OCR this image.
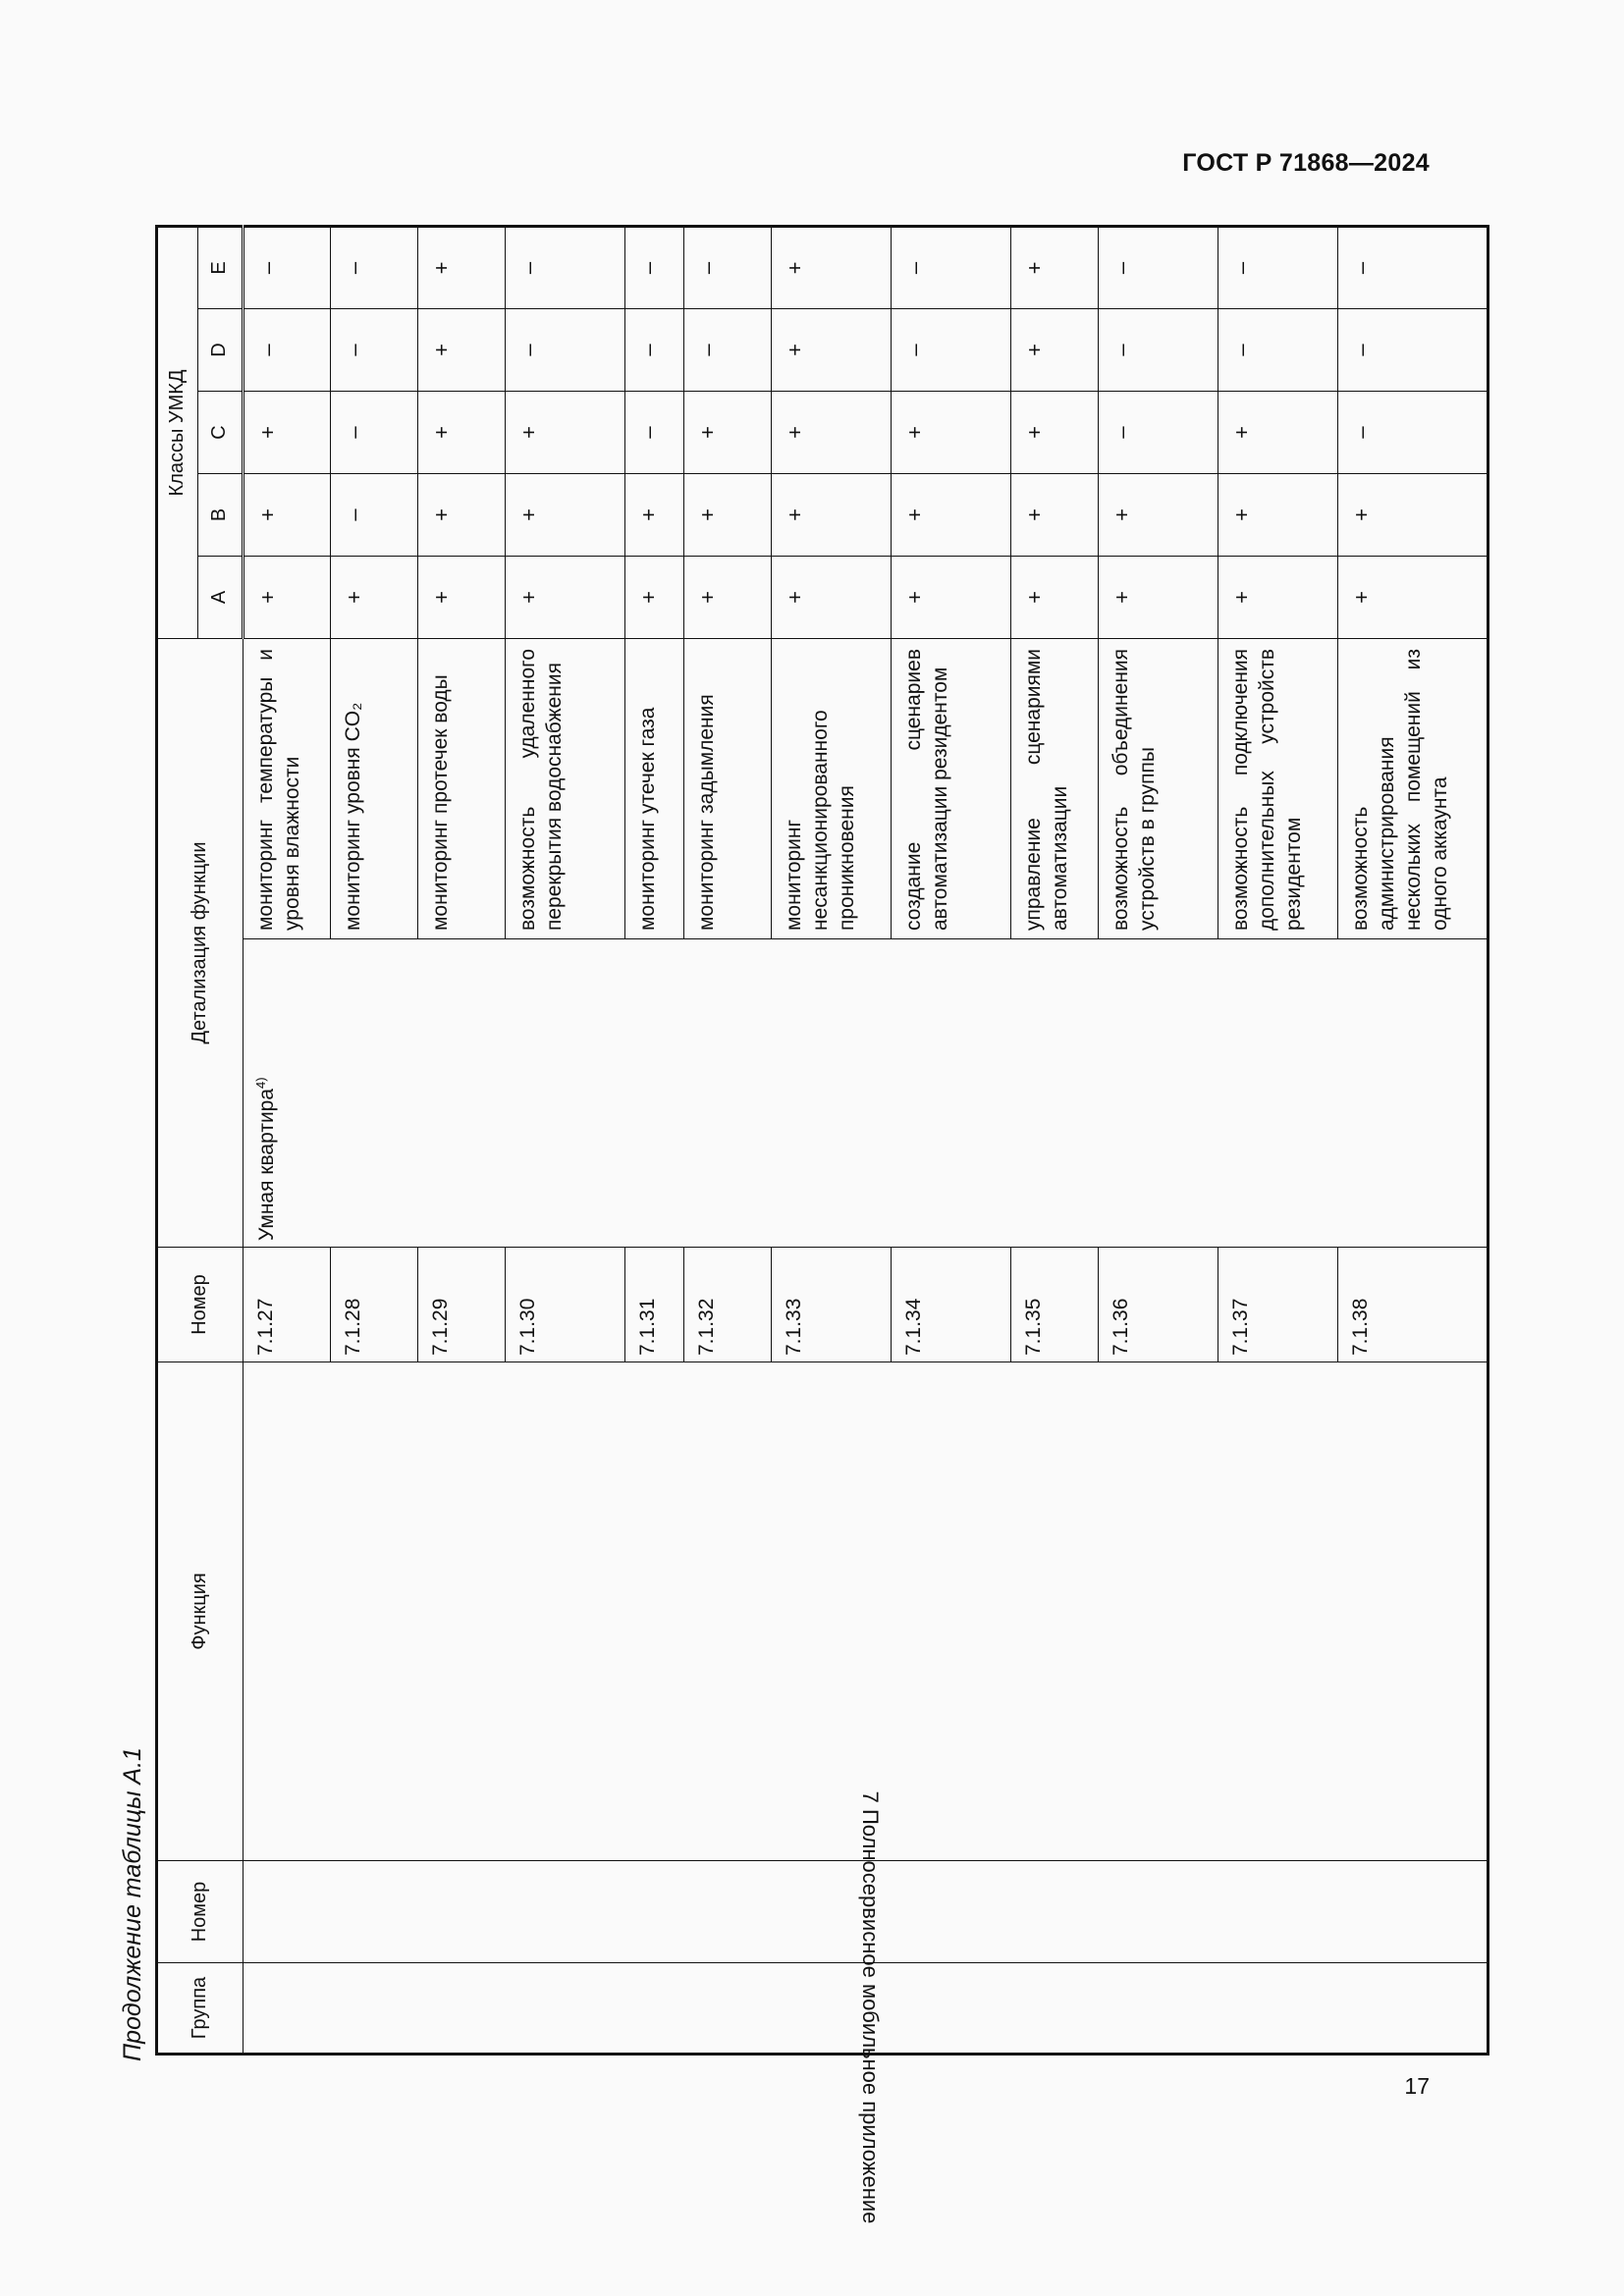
ГОСТ Р 71868—2024
Продолжение таблицы А.1 Группа	Номер	Функция	Номер	Детализация функции		Классы УМКД				
						A	B	C	D	E

7 Полносервисное мобильное приложение			7.1.27	Умная квартира$^{4)}$	мониторинг температуры и уровня влажности	+	+	+	–	–
			7.1.28		мониторинг уровня CO₂	+	–	–	–	–
			7.1.29		мониторинг протечек воды	+	+	+	+	+
			7.1.30		возможность удаленного перекрытия водоснабжения	+	+	+	–	–
			7.1.31		мониторинг утечек газа	+	+	–	–	–
			7.1.32		мониторинг задымления	+	+	+	–	–
			7.1.33		мониторинг несанкционированного проникновения	+	+	+	+	+
			7.1.34		создание сценариев автоматизации резидентом	+	+	+	–	–
			7.1.35		управление сценариями автоматизации	+	+	+	+	+
			7.1.36		возможность объединения устройств в группы	+	+	–	–	–
			7.1.37		возможность подключения дополнительных устройств резидентом	+	+	+	–	–
			7.1.38		возможность администрирования нескольких помещений из одного аккаунта	+	+	–	–	–
17
